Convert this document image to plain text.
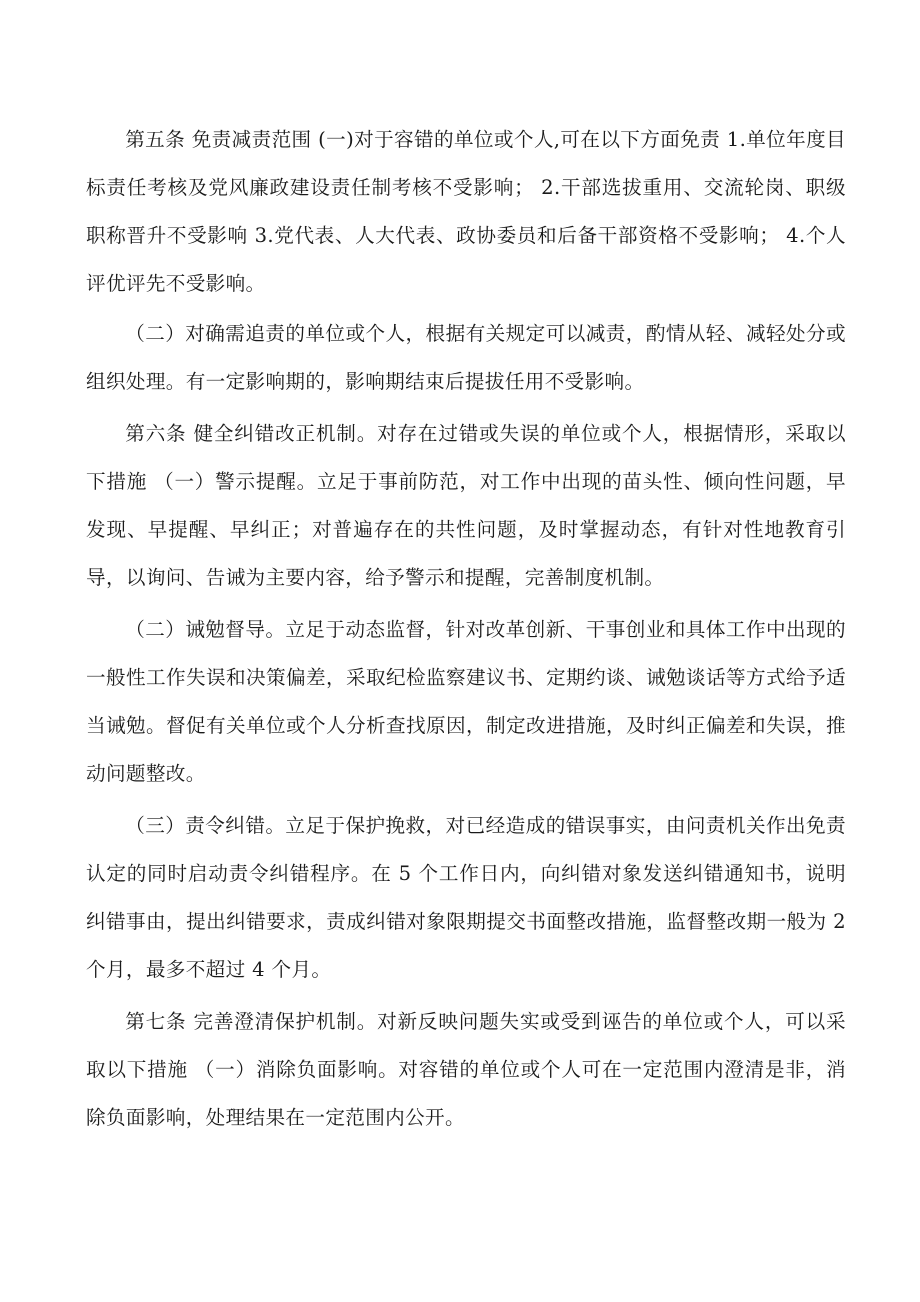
第五条 免责减责范围 (一)对于容错的单位或个人,可在以下方面免责 1.单位年度目标责任考核及党风廉政建设责任制考核不受影响； 2.干部选拔重用、交流轮岗、职级职称晋升不受影响 3.党代表、人大代表、政协委员和后备干部资格不受影响； 4.个人评优评先不受影响。

（二）对确需追责的单位或个人，根据有关规定可以减责，酌情从轻、减轻处分或组织处理。有一定影响期的，影响期结束后提拔任用不受影响。

第六条 健全纠错改正机制。对存在过错或失误的单位或个人，根据情形，采取以下措施 （一）警示提醒。立足于事前防范，对工作中出现的苗头性、倾向性问题，早发现、早提醒、早纠正；对普遍存在的共性问题，及时掌握动态，有针对性地教育引导，以询问、告诫为主要内容，给予警示和提醒，完善制度机制。

（二）诫勉督导。立足于动态监督，针对改革创新、干事创业和具体工作中出现的一般性工作失误和决策偏差，采取纪检监察建议书、定期约谈、诫勉谈话等方式给予适当诫勉。督促有关单位或个人分析查找原因，制定改进措施，及时纠正偏差和失误，推动问题整改。

（三）责令纠错。立足于保护挽救，对已经造成的错误事实，由问责机关作出免责认定的同时启动责令纠错程序。在 5 个工作日内，向纠错对象发送纠错通知书，说明纠错事由，提出纠错要求，责成纠错对象限期提交书面整改措施，监督整改期一般为 2 个月，最多不超过 4 个月。

第七条 完善澄清保护机制。对新反映问题失实或受到诬告的单位或个人，可以采取以下措施 （一）消除负面影响。对容错的单位或个人可在一定范围内澄清是非，消除负面影响，处理结果在一定范围内公开。
